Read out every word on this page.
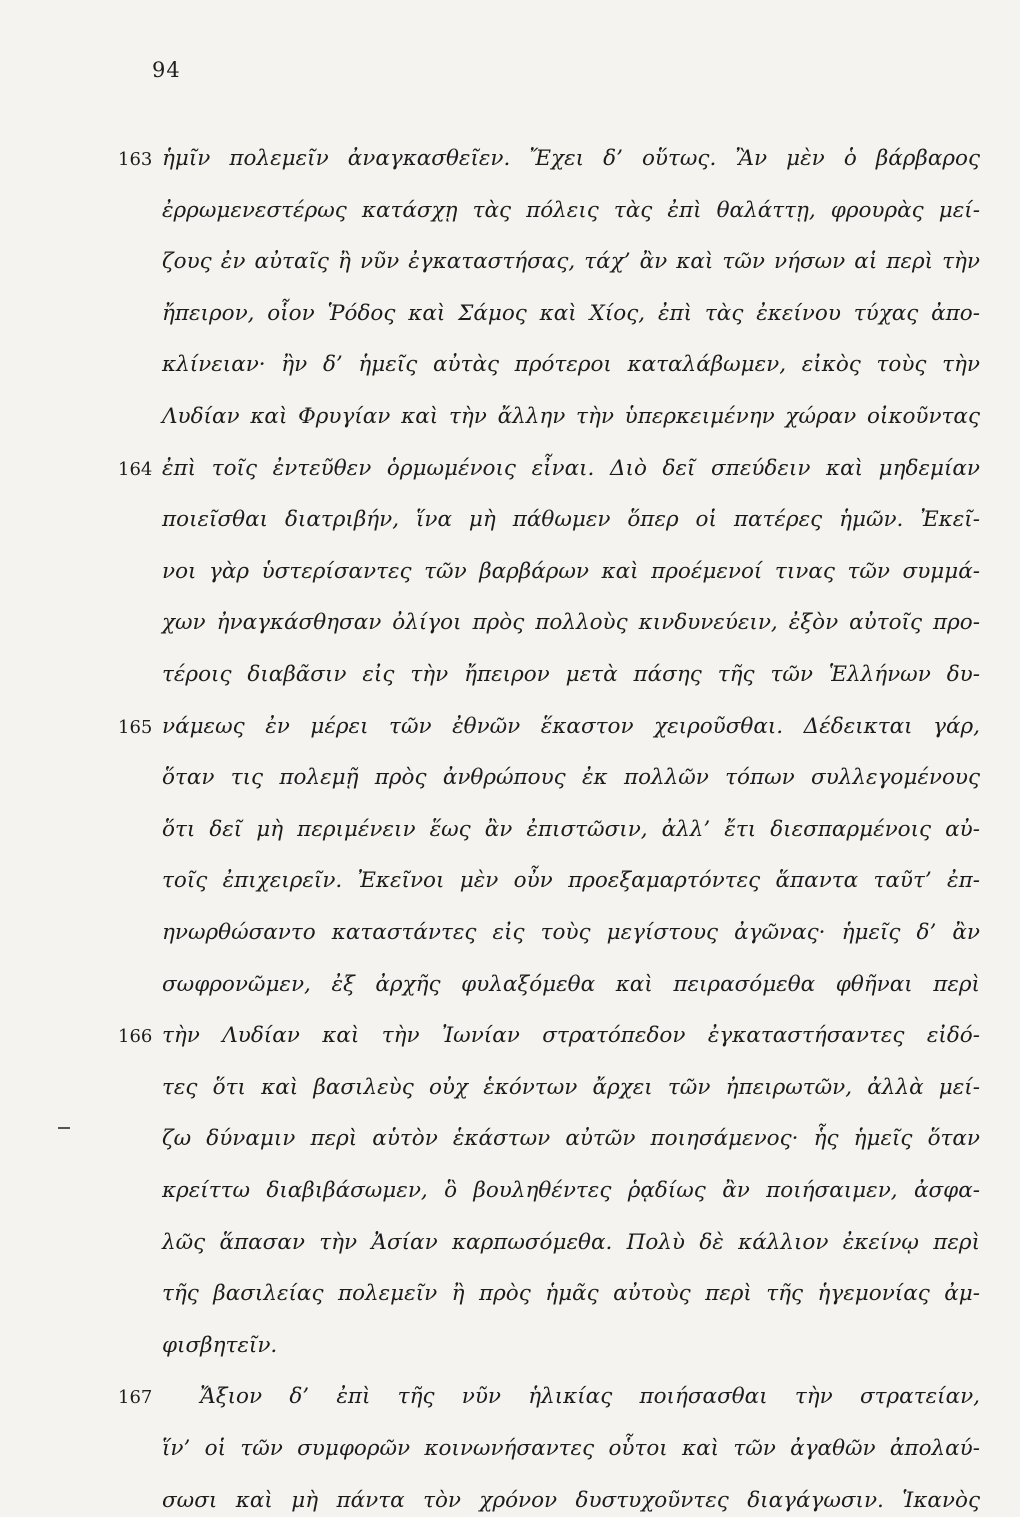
94
ἡμῖν πολεμεῖν ἀναγκασθεῖεν. Ἔχει δ’ οὕτως. Ἂν μὲν ὁ βάρβαρος
163
ἐρρωμενεστέρως κατάσχῃ τὰς πόλεις τὰς ἐπὶ θαλάττῃ, φρουρὰς μεί-
ζους ἐν αὐταῖς ἢ νῦν ἐγκαταστήσας, τάχ’ ἂν καὶ τῶν νήσων αἱ περὶ τὴν
ἤπειρον, οἷον Ῥόδος καὶ Σάμος καὶ Χίος, ἐπὶ τὰς ἐκείνου τύχας ἀπο-
κλίνειαν· ἢν δ’ ἡμεῖς αὐτὰς πρότεροι καταλάβωμεν, εἰκὸς τοὺς τὴν
Λυδίαν καὶ Φρυγίαν καὶ τὴν ἄλλην τὴν ὑπερκειμένην χώραν οἰκοῦντας
ἐπὶ τοῖς ἐντεῦθεν ὁρμωμένοις εἶναι. Διὸ δεῖ σπεύδειν καὶ μηδεμίαν
164
ποιεῖσθαι διατριβήν, ἵνα μὴ πάθωμεν ὅπερ οἱ πατέρες ἡμῶν. Ἐκεῖ-
νοι γὰρ ὑστερίσαντες τῶν βαρβάρων καὶ προέμενοί τινας τῶν συμμά-
χων ἠναγκάσθησαν ὀλίγοι πρὸς πολλοὺς κινδυνεύειν, ἐξὸν αὐτοῖς προ-
τέροις διαβᾶσιν εἰς τὴν ἤπειρον μετὰ πάσης τῆς τῶν Ἑλλήνων δυ-
νάμεως ἐν μέρει τῶν ἐθνῶν ἕκαστον χειροῦσθαι. Δέδεικται γάρ,
165
ὅταν τις πολεμῇ πρὸς ἀνθρώπους ἐκ πολλῶν τόπων συλλεγομένους
ὅτι δεῖ μὴ περιμένειν ἕως ἂν ἐπιστῶσιν, ἀλλ’ ἔτι διεσπαρμένοις αὐ-
τοῖς ἐπιχειρεῖν. Ἐκεῖνοι μὲν οὖν προεξαμαρτόντες ἅπαντα ταῦτ’ ἐπ-
ηνωρθώσαντο καταστάντες εἰς τοὺς μεγίστους ἀγῶνας· ἡμεῖς δ’ ἂν
σωφρονῶμεν, ἐξ ἀρχῆς φυλαξόμεθα καὶ πειρασόμεθα φθῆναι περὶ
τὴν Λυδίαν καὶ τὴν Ἰωνίαν στρατόπεδον ἐγκαταστήσαντες εἰδό-
166
τες ὅτι καὶ βασιλεὺς οὐχ ἑκόντων ἄρχει τῶν ἠπειρωτῶν, ἀλλὰ μεί-
ζω δύναμιν περὶ αὑτὸν ἑκάστων αὐτῶν ποιησάμενος· ἧς ἡμεῖς ὅταν
κρείττω διαβιβάσωμεν, ὃ βουληθέντες ῥᾳδίως ἂν ποιήσαιμεν, ἀσφα-
λῶς ἅπασαν τὴν Ἀσίαν καρπωσόμεθα. Πολὺ δὲ κάλλιον ἐκείνῳ περὶ
τῆς βασιλείας πολεμεῖν ἢ πρὸς ἡμᾶς αὐτοὺς περὶ τῆς ἡγεμονίας ἀμ-
φισβητεῖν.
Ἄξιον δ’ ἐπὶ τῆς νῦν ἡλικίας ποιήσασθαι τὴν στρατείαν,
167
ἵν’ οἱ τῶν συμφορῶν κοινωνήσαντες οὗτοι καὶ τῶν ἀγαθῶν ἀπολαύ-
σωσι καὶ μὴ πάντα τὸν χρόνον δυστυχοῦντες διαγάγωσιν. Ἱκανὸς
